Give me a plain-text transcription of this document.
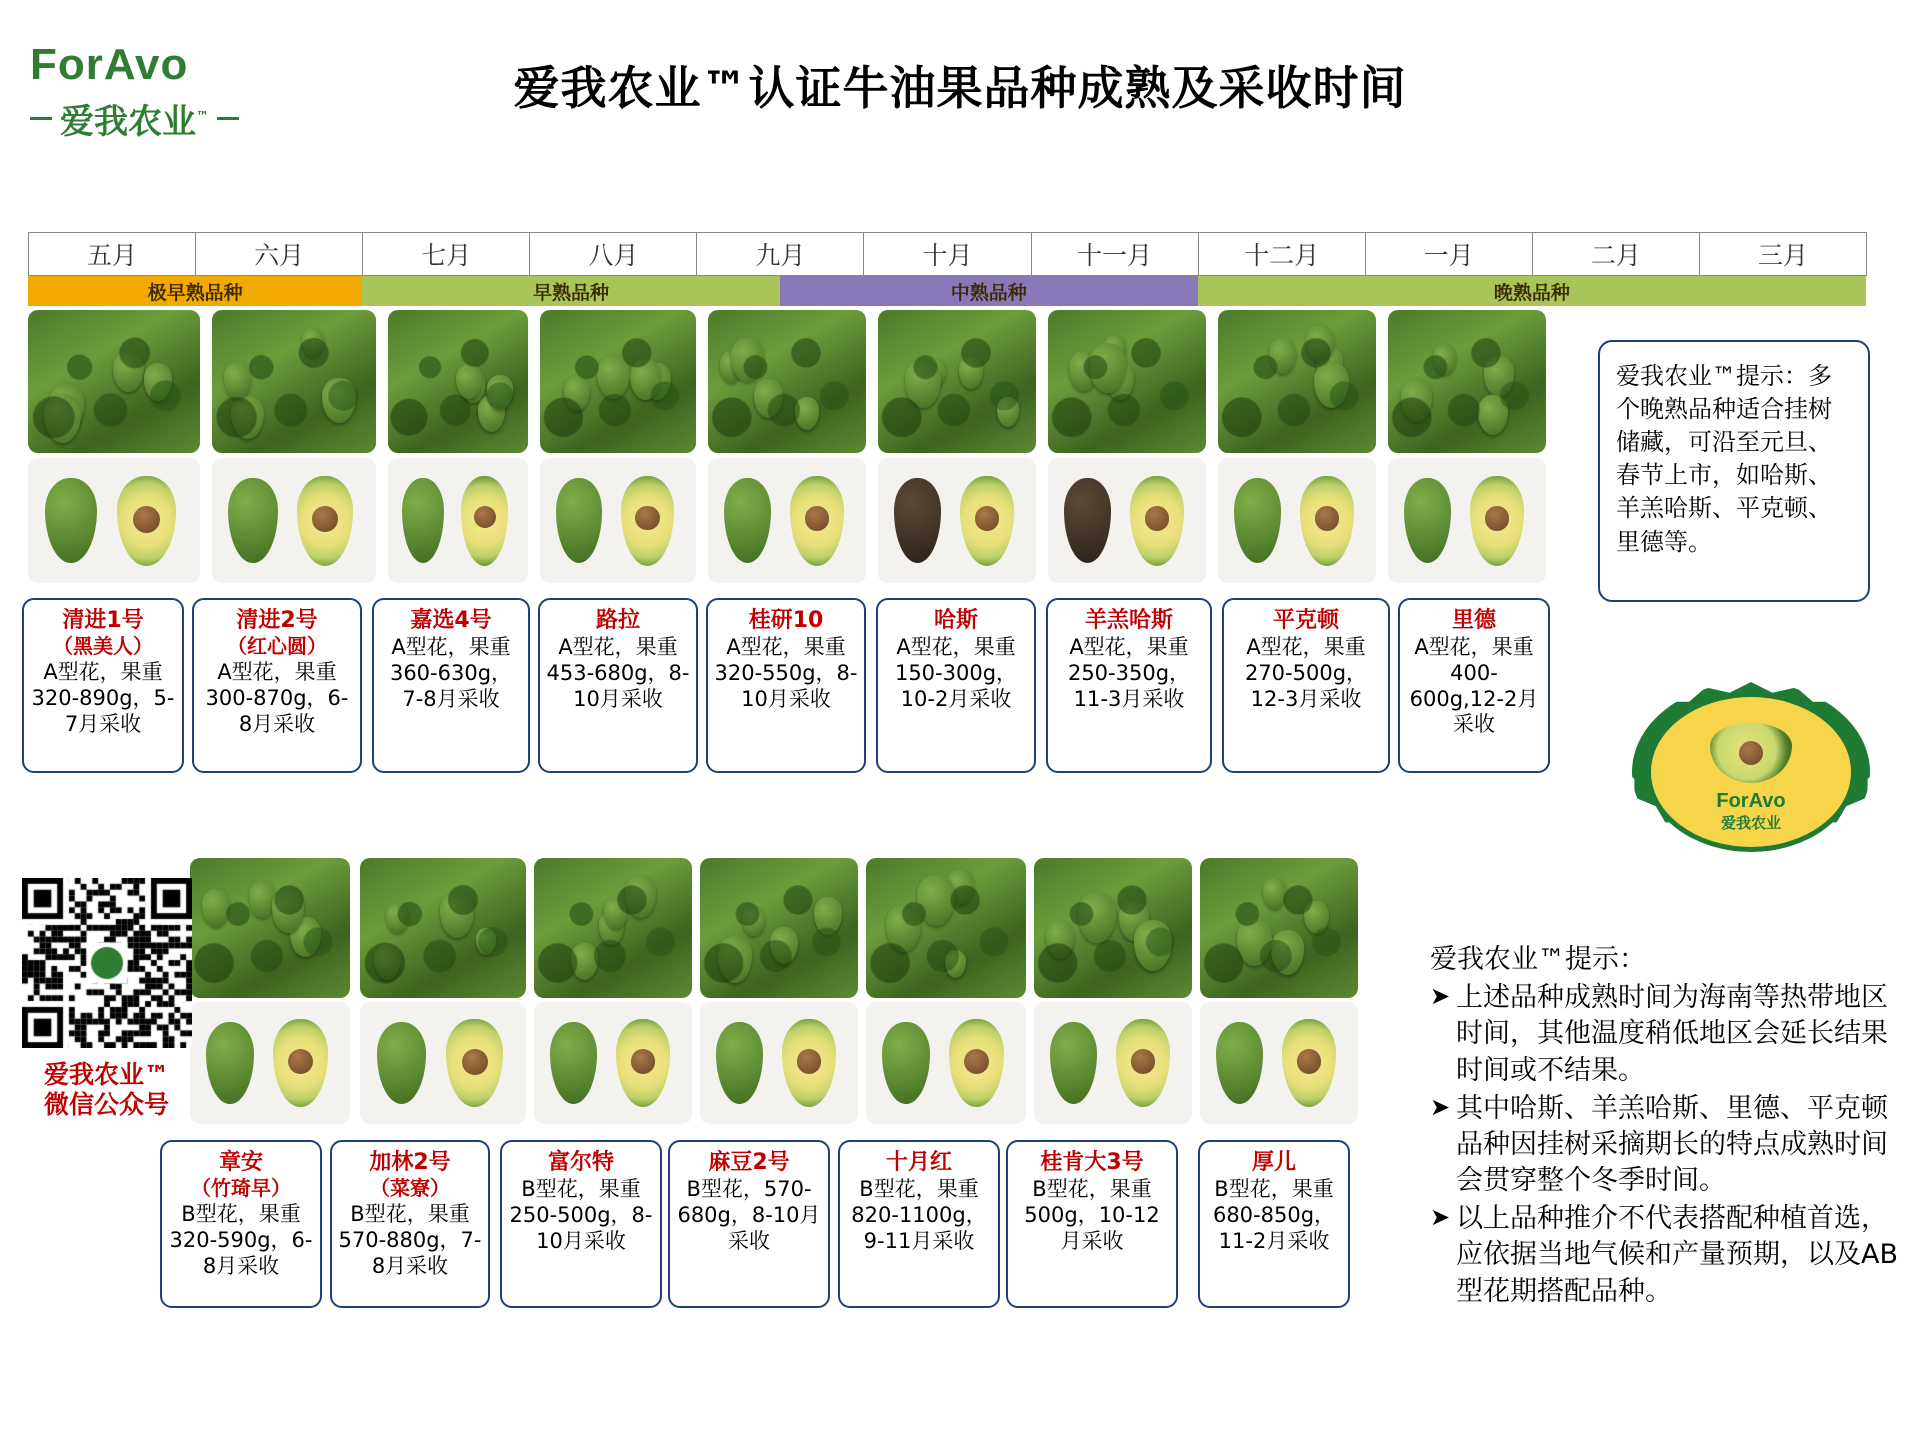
ForAvo
爱我农业™
爱我农业™认证牛油果品种成熟及采收时间
五月	六月	七月	八月	九月	十月	十一月	十二月	一月	二月	三月
极早熟品种	早熟品种	中熟品种	晚熟品种
清进1号
（黑美人）
A型花，果重320-890g，5-7月采收
清进2号
（红心圆）
A型花，果重300-870g，6-8月采收
嘉选4号
A型花，果重360-630g，7-8月采收
路拉
A型花，果重453-680g，8-10月采收
桂研10
A型花，果重320-550g，8-10月采收
哈斯
A型花，果重150-300g，10-2月采收
羊羔哈斯
A型花，果重250-350g，11-3月采收
平克顿
A型花，果重270-500g，12-3月采收
里德
A型花，果重400-600g,12-2月采收
章安
（竹琦早）
B型花，果重320-590g，6-8月采收
加林2号
（菜寮）
B型花，果重570-880g，7-8月采收
富尔特
B型花，果重250-500g，8-10月采收
麻豆2号
B型花，570-680g，8-10月采收
十月红
B型花，果重820-1100g，9-11月采收
桂肯大3号
B型花，果重500g，10-12月采收
厚儿
B型花，果重680-850g，11-2月采收
爱我农业™提示：多个晚熟品种适合挂树储藏，可沿至元旦、春节上市，如哈斯、羊羔哈斯、平克顿、里德等。
ForAvo
爱我农业
爱我农业™
微信公众号
爱我农业™提示：
➤ 上述品种成熟时间为海南等热带地区时间，其他温度稍低地区会延长结果时间或不结果。
➤ 其中哈斯、羊羔哈斯、里德、平克顿品种因挂树采摘期长的特点成熟时间会贯穿整个冬季时间。
➤ 以上品种推介不代表搭配种植首选，应依据当地气候和产量预期，以及AB型花期搭配品种。
